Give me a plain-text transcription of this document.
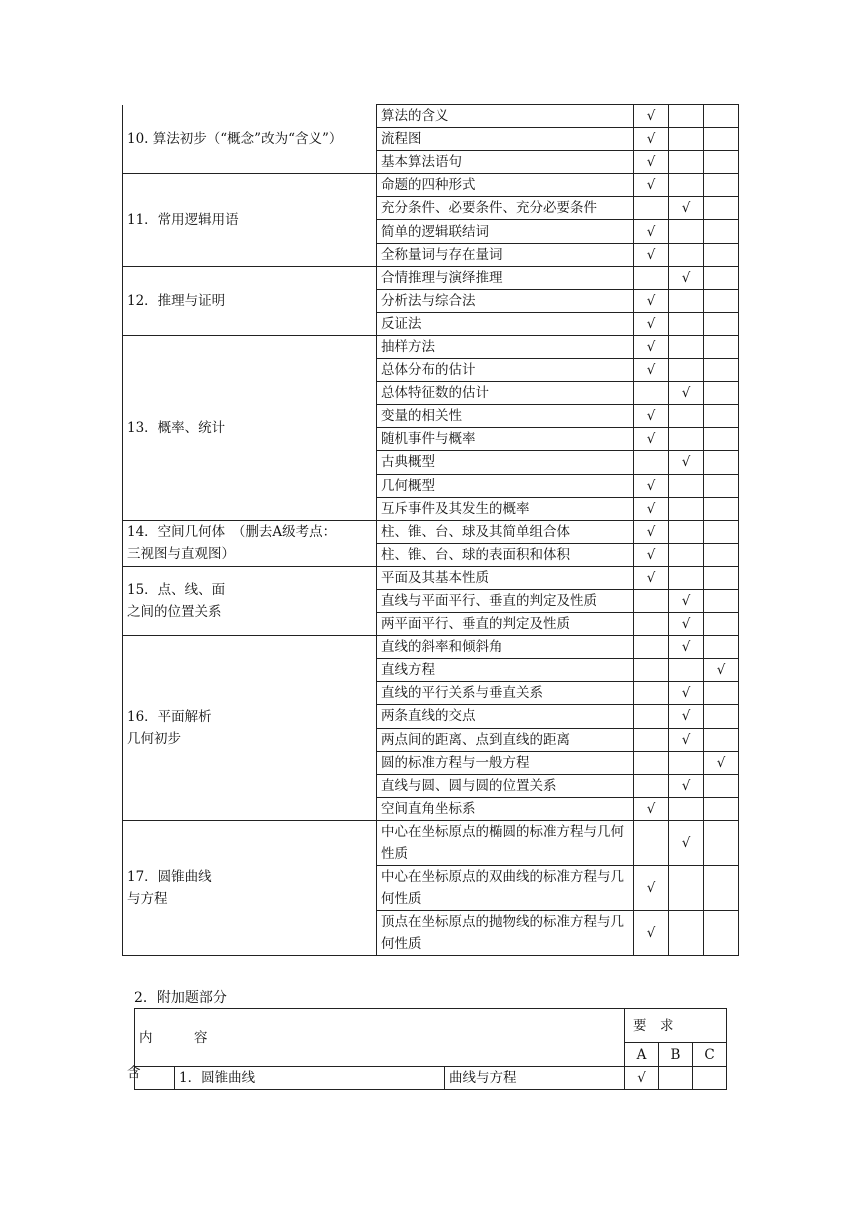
10. 算法初步（“概念”改为“含义”）	算法的含义	√		
	流程图	√		
	基本算法语句	√		
11．常用逻辑用语	命题的四种形式	√		
	充分条件、必要条件、充分必要条件		√	
	简单的逻辑联结词	√		
	全称量词与存在量词	√		
12．推理与证明	合情推理与演绎推理		√	
	分析法与综合法	√		
	反证法	√		
13．概率、统计	抽样方法	√		
	总体分布的估计	√		
	总体特征数的估计		√	
	变量的相关性	√		
	随机事件与概率	√		
	古典概型		√	
	几何概型	√		
	互斥事件及其发生的概率	√		
14．空间几何体　（删去A级考点：
三视图与直观图）	柱、锥、台、球及其简单组合体	√		
	柱、锥、台、球的表面积和体积	√		
15．点、线、面
之间的位置关系	平面及其基本性质	√		
	直线与平面平行、垂直的判定及性质		√	
	两平面平行、垂直的判定及性质		√	
16．平面解析
几何初步	直线的斜率和倾斜角		√	
	直线方程			√
	直线的平行关系与垂直关系		√	
	两条直线的交点		√	
	两点间的距离、点到直线的距离		√	
	圆的标准方程与一般方程			√
	直线与圆、圆与圆的位置关系		√	
	空间直角坐标系	√		
17．圆锥曲线
与方程	中心在坐标原点的椭圆的标准方程与几何性质		√	
	中心在坐标原点的双曲线的标准方程与几何性质	√		
	顶点在坐标原点的抛物线的标准方程与几何性质	√		
2．附加题部分
内　容			要　求		
			A	B	C

含	1．圆锥曲线	曲线与方程	√		
